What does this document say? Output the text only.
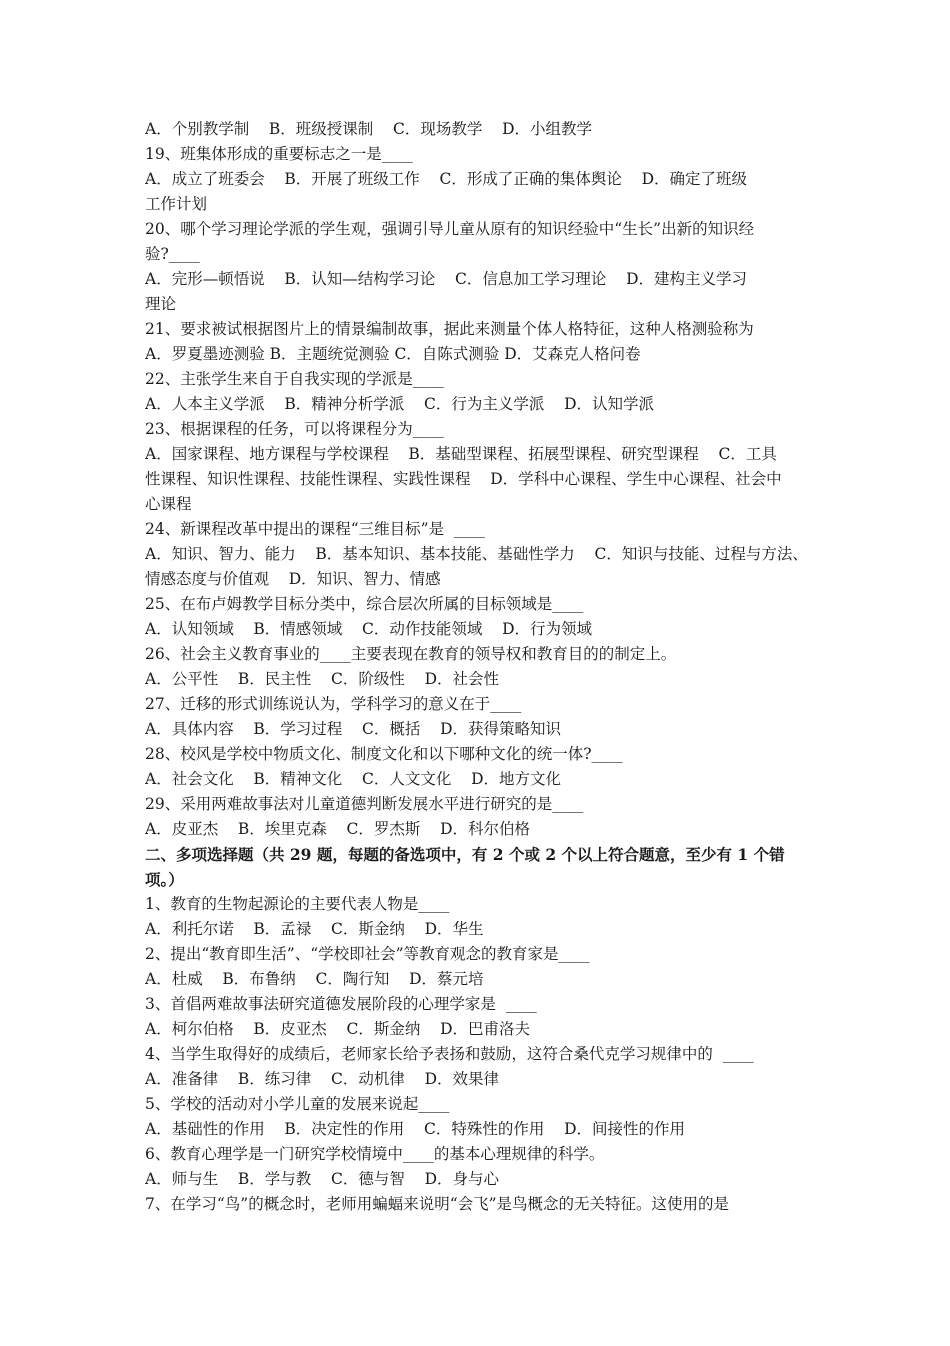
A．个别教学制    B．班级授课制    C．现场教学    D．小组教学
19、班集体形成的重要标志之一是____
A．成立了班委会    B．开展了班级工作    C．形成了正确的集体舆论    D．确定了班级
工作计划
20、哪个学习理论学派的学生观，强调引导儿童从原有的知识经验中“生长”出新的知识经
验?____
A．完形—顿悟说    B．认知—结构学习论    C．信息加工学习理论    D．建构主义学习
理论
21、要求被试根据图片上的情景编制故事，据此来测量个体人格特征，这种人格测验称为
A．罗夏墨迹测验 B．主题统觉测验 C．自陈式测验 D．艾森克人格问卷
22、主张学生来自于自我实现的学派是____
A．人本主义学派    B．精神分析学派    C．行为主义学派    D．认知学派
23、根据课程的任务，可以将课程分为____
A．国家课程、地方课程与学校课程    B．基础型课程、拓展型课程、研究型课程    C．工具
性课程、知识性课程、技能性课程、实践性课程    D．学科中心课程、学生中心课程、社会中
心课程
24、新课程改革中提出的课程“三维目标”是  ____
A．知识、智力、能力    B．基本知识、基本技能、基础性学力    C．知识与技能、过程与方法、
情感态度与价值观    D．知识、智力、情感
25、在布卢姆教学目标分类中，综合层次所属的目标领域是____
A．认知领域    B．情感领域    C．动作技能领域    D．行为领域
26、社会主义教育事业的____主要表现在教育的领导权和教育目的的制定上。
A．公平性    B．民主性    C．阶级性    D．社会性
27、迁移的形式训练说认为，学科学习的意义在于____
A．具体内容    B．学习过程    C．概括    D．获得策略知识
28、校风是学校中物质文化、制度文化和以下哪种文化的统一体?____
A．社会文化    B．精神文化    C．人文文化    D．地方文化
29、采用两难故事法对儿童道德判断发展水平进行研究的是____
A．皮亚杰    B．埃里克森    C．罗杰斯    D．科尔伯格
二、多项选择题（共 29 题，每题的备选项中，有 2 个或 2 个以上符合题意，至少有 1 个错
项。）
1、教育的生物起源论的主要代表人物是____
A．利托尔诺    B．孟禄    C．斯金纳    D．华生
2、提出“教育即生活”、“学校即社会”等教育观念的教育家是____
A．杜威    B．布鲁纳    C．陶行知    D．蔡元培
3、首倡两难故事法研究道德发展阶段的心理学家是  ____
A．柯尔伯格    B．皮亚杰    C．斯金纳    D．巴甫洛夫
4、当学生取得好的成绩后，老师家长给予表扬和鼓励，这符合桑代克学习规律中的  ____
A．准备律    B．练习律    C．动机律    D．效果律
5、学校的活动对小学儿童的发展来说起____
A．基础性的作用    B．决定性的作用    C．特殊性的作用    D．间接性的作用
6、教育心理学是一门研究学校情境中____的基本心理规律的科学。
A．师与生    B．学与教    C．德与智    D．身与心
7、在学习“鸟”的概念时，老师用蝙蝠来说明“会飞”是鸟概念的无关特征。这使用的是
